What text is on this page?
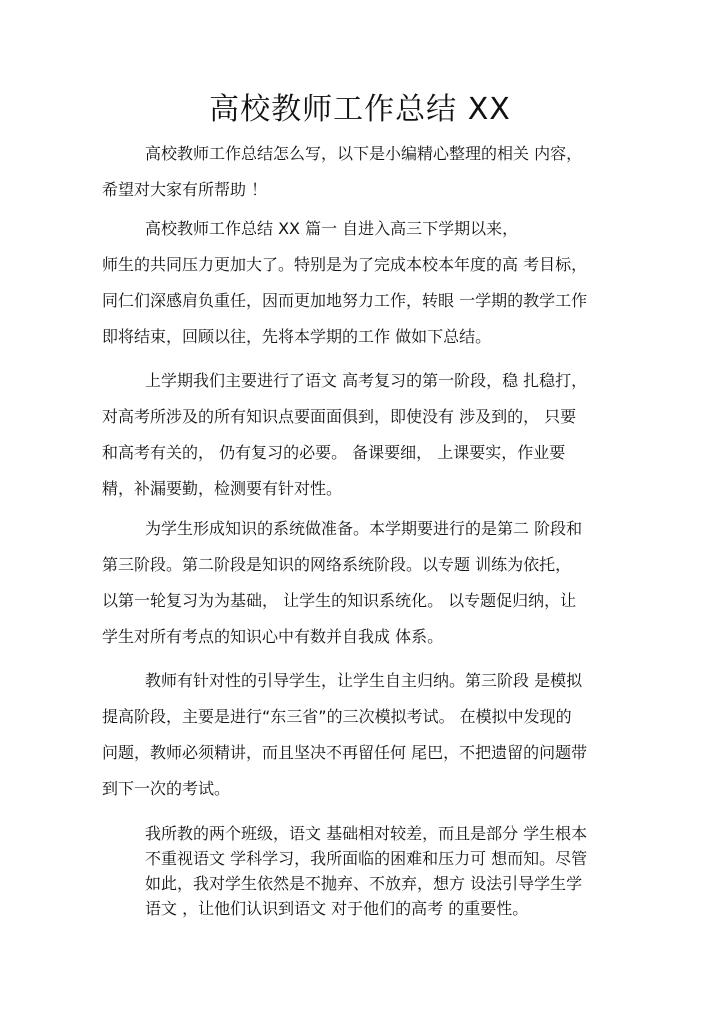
高校教师工作总结 XX
高校教师工作总结怎么写，以下是小编精心整理的相关 内容，
希望对大家有所帮助 ！
高校教师工作总结 XX 篇一 自进入高三下学期以来，
师生的共同压力更加大了。特别是为了完成本校本年度的高 考目标，
同仁们深感肩负重任，因而更加地努力工作，转眼 一学期的教学工作
即将结束，回顾以往，先将本学期的工作 做如下总结。
上学期我们主要进行了语文 高考复习的第一阶段，稳 扎稳打，
对高考所涉及的所有知识点要面面俱到，即使没有 涉及到的， 只要
和高考有关的， 仍有复习的必要。 备课要细， 上课要实，作业要
精，补漏要勤，检测要有针对性。
为学生形成知识的系统做准备。本学期要进行的是第二 阶段和
第三阶段。第二阶段是知识的网络系统阶段。以专题 训练为依托，
以第一轮复习为为基础， 让学生的知识系统化。 以专题促归纳，让
学生对所有考点的知识心中有数并自我成 体系。
教师有针对性的引导学生，让学生自主归纳。第三阶段 是模拟
提高阶段，主要是进行“东三省”的三次模拟考试。 在模拟中发现的
问题，教师必须精讲，而且坚决不再留任何 尾巴，不把遗留的问题带
到下一次的考试。
我所教的两个班级，语文 基础相对较差，而且是部分 学生根本
不重视语文 学科学习，我所面临的困难和压力可 想而知。尽管
如此，我对学生依然是不抛弃、不放弃，想方 设法引导学生学
语文 ，让他们认识到语文 对于他们的高考 的重要性。
